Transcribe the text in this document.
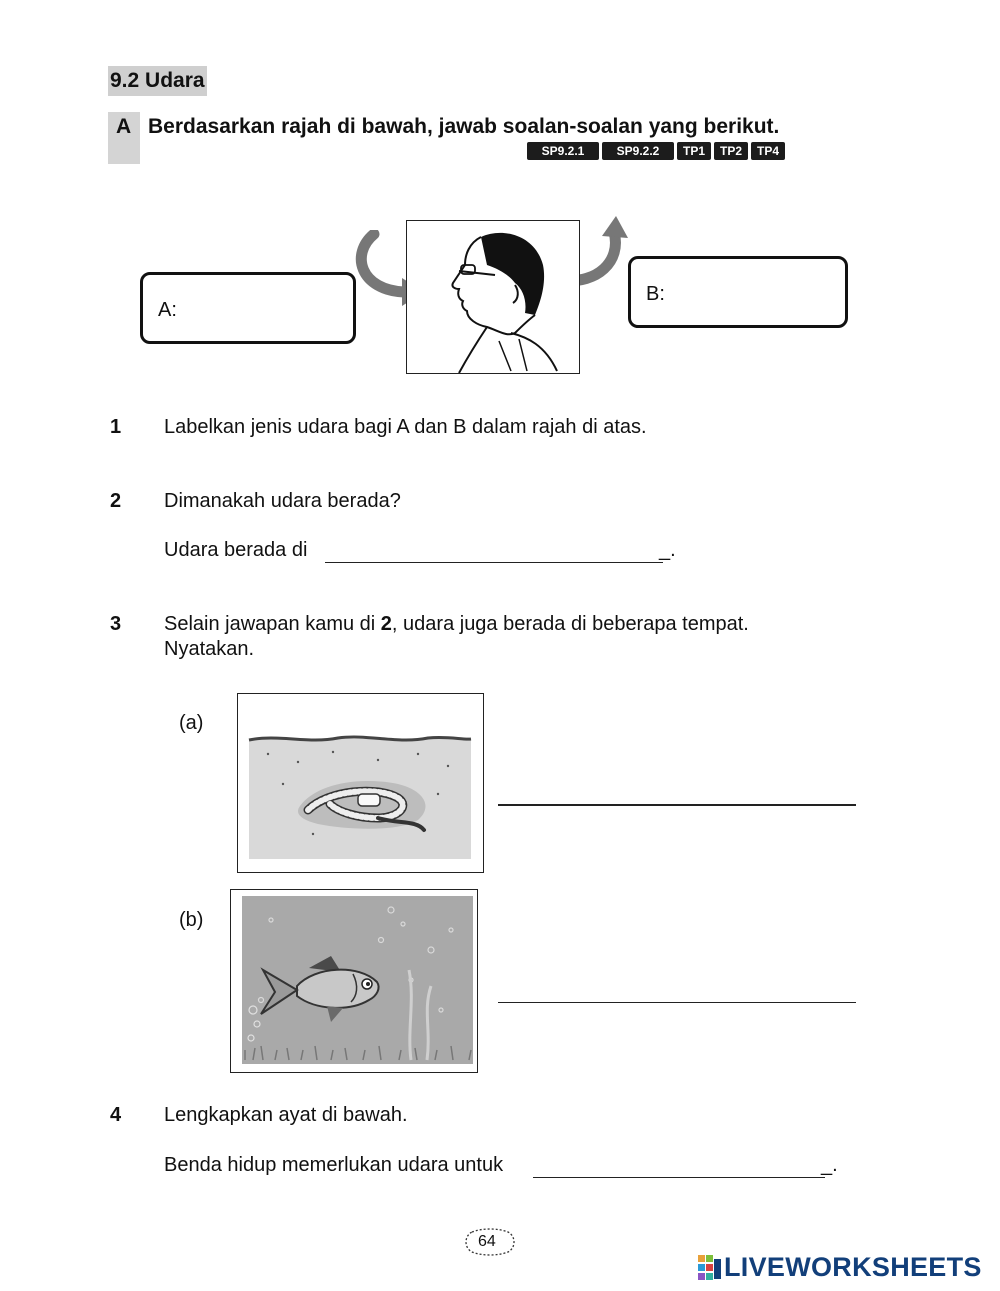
9.2 Udara
A Berdasarkan rajah di bawah, jawab soalan-soalan yang berikut.
SP9.2.1	SP9.2.2	TP1	TP2	TP4
A:
B:
1 Labelkan jenis udara bagi A dan B dalam rajah di atas.
2 Dimanakah udara berada?
Udara berada di	_.
3 Selain jawapan kamu di 2, udara juga berada di beberapa tempat.
Nyatakan.
(a)
(b)
4 Lengkapkan ayat di bawah.
Benda hidup memerlukan udara untuk	_.
64
LIVEWORKSHEETS
